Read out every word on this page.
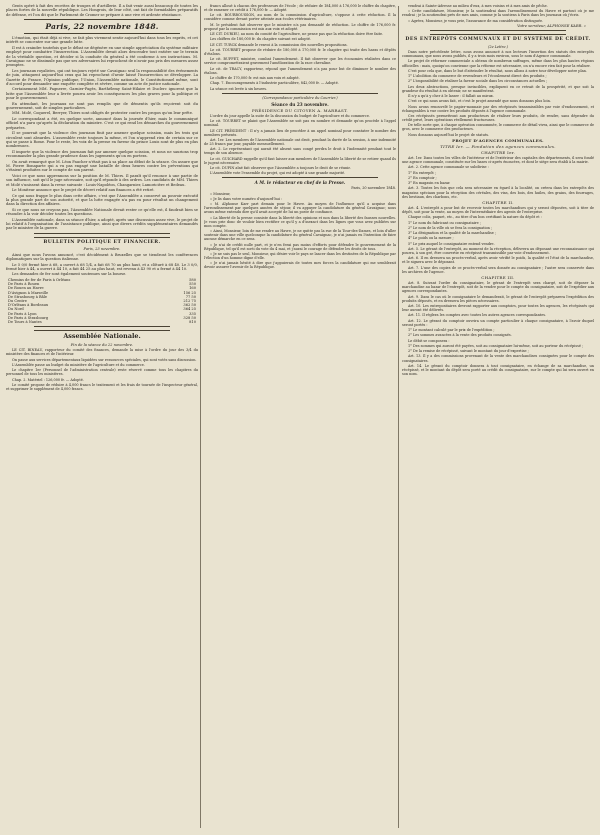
Gents opéré à fait des recettes de troupes et d'artillerie. Il a fait venir aussi beaucoup de toutes les places fortes de la nouvelle république. Les Hongrois, de leur côté, ont fait de formidables préparatifs de défense, et l'on dit que le Parlement de Cromer se prépare à une vive et ardente résistance.

Paris, 22 novembre 1848.

L'émotion, qui était déjà si vive, se fait plus vivement sentir aujourd'hui dans tous les esprits, et cet intérêt se concentre sur une grande lutte.

Il est à craindre toutefois que le débat ne dégénère en une simple appréciation du système militaire employé pour combattre l'insurrection. L'Assemblée devait alors descendre tout entière sur le terrain de la véritable question, et décider si la conduite du général a été conforme à ses instructions. M. Cavaignac ne se dissimule pas que ses adversaires lui reprochent de n'avoir pas pris des mesures assez promptes.

Les journaux royalistes, qui ont toujours rejeté sur Cavaignac seul la responsabilité des événements de juin, attaquent aujourd'hui ceux qui lui reprochent d'avoir laissé l'insurrection se développer. La Gazette de France, l'Opinion publique, l'Union, l'Assemblée nationale, le Constitutionnel même, sont d'accord pour demander une enquête complète et sévère, comme un acte de justice nationale.

Certainement MM. Pagnerre, Garnier-Pagès, Barthélemy Saint-Hilaire et Duclerc ignorent que la lutte que l'Assemblée leur a livrée pourra avoir les conséquences les plus graves pour la politique et pour le gouvernement.

En attendant, les journaux ne sont pas remplis que de démentis qu'ils reçoivent soit du gouvernement, soit de simples particuliers.

MM. Molé, Coquerel, Berryer, Thiers sont obligés de protester contre les propos qu'on leur prête.

Le correspondant a été, en quelque sorte, annoncé dans la journée d'hier, mais le communiqué officiel n'a paru qu'après la déclaration du ministre. C'est ce qui rend les démarches du gouvernement préparées.

Il se pourrait que la violence des journaux finit par amener quelque scission, mais les trois qui circulent sont absurdes. L'assemblée reste toujours la même, et l'on n'apprend rien de certain sur ce qui se passe à Rome. Pour le reste, les voix de la presse en faveur du prince Louis sont de plus en plus nombreuses.

Il importe que la violence des journaux fait par amener quelque scission, et nous ne saurions trop recommander la plus grande prudence dans les jugements qu'on en portera.

On avait remarqué que M. Léon Faucher n'était pas à sa place au début de la séance. On assure que M. Pierre Bonaparte qui a vu pas engagé une bataille de deux heures contre les préventions qui s'étaient produites sur le compte de son parent.

Voici ce que nous apprennons sur la position de M. Thiers. Il paraît qu'il renonce à une partie de son influence, soit qu'il le juge nécessaire, soit qu'il réponde à des ordres. Les candidats de MM. Thiers et Molé s'unissent dans la revue suivante : Louis-Napoléon, Changarnier, Lamoricière et Bedeau.

Le Moniteur annonce que le projet de décret relatif aux finances a été retiré.

Ce qui nous frappe le plus dans cette affaire, c'est que l'Assemblée a conservé au pouvoir exécutif la plus grande part de son autorité, et que la lutte engagée n'a pas eu pour résultat un changement dans la direction des affaires.

Si ce que nous ne croyons pas, l'Assemblée Nationale devait rester ce qu'elle est, il faudrait bien se résoudre à la voir décider toutes les questions.

L'Assemblée nationale, dans sa séance d'hier, a adopté, après une discussion assez vive, le projet de loi relatif à l'organisation de l'assistance publique, ainsi que divers crédits supplémentaires demandés par le ministre de la guerre.

BULLETIN POLITIQUE ET FINANCIER.

Paris, 23 novembre.

Ainsi que nous l'avons annoncé, c'est décidément à Bruxelles que se tiendront les conférences diplomatiques sur la question italienne.

Le 5 0/0 fermé hier à 68, a ouvert à 68 1/4, a fait 68 70 au plus haut, et a clôturé à 68 40. Le 3 0/0, fermé hier à 44, a ouvert à 44 10, a fait 44 25 au plus haut, est revenu à 43 90 et a fermé à 44 10.

Les demandes de fer sont également soutenues sur la bourse.

Chemins de fer de Paris à Orléans	580
De Paris à Rouen	550
De Rouen au Havre	160
D'Avignon à Marseille	156 25
De Strasbourg à Bâle	77 50
Du Centre	212 75
D'Orléans à Bordeaux	362 50
Du Nord	364 25
De Paris à Lyon	335
De Paris à Strasbourg	328 50
De Tours à Nantes	810
Assemblée Nationale.

Fin de la séance du 22 novembre.

LE CIT. BINEAU, rapporteur du comité des finances, demande la mise à l'ordre du jour des 3/4 du ministère des finances et de l'intérieur.

On passe aux services départementaux liquidées sur ressources spéciales, qui sont votés sans discussion.

L'Assemblée passe au budget du ministère de l'agriculture et du commerce.

Le chapitre 1er (Personnel de l'administration centrale) reste réservé comme tous les chapitres du personnel de tous les ministères.

Chap. 2. Matériel : 126,000 fr. — Adopté.

Le comité propose de réduire à 4,000 francs le traitement et les frais de tournée de l'inspecteur général, et supprimer le supplément de 4,000 francs.

francs alloué à chacun des professeurs de l'école ; de réduire de 184,000 à 176,000 le chiffre du chapitre, et de ramener ce crédit à 176,000 fr. — Adopté.

Le cit. BOURBOUSSON, au nom de la commission d'agriculture, s'oppose à cette réduction. Il la considère comme devant porter atteinte aux écoles vétérinaires.

M. le président fait observer que le ministre n'a pas demandé de réduction. Le chiffre de 176,000 fr. proposé par la commission est mis aux voix et adopté.

LE CIT. DURIEU, au nom du comité de l'agriculture, ne pense pas que la réduction doive être faite.

Les chiffres de 180,000 fr. du chapitre suivant est adopté.

LE CIT. TURCK demande le renvoi à la commission des nouvelles propositions.

Le cit. TOURRET propose de réduire de 180,000 à 170,000 fr. le chapitre qui traite des haras et dépôts d'étalons.

Le cit. BUFFET, ministre, combat l'amendement. Il fait observer que les économies réalisées dans ce service compromettraient gravement l'amélioration de la race chevaline.

Le cit. de TRACY, rapporteur, répond que l'amendement n'a pas pour but de diminuer le nombre des étalons.

Le chiffre de 170,000 fr. est mis aux voix et adopté.

Chap. 7. Encouragements à l'industrie particulière, 842,000 fr. — Adopté.

La séance est levée à six heures.

(Correspondance particulière du Courrier.)

Séance du 23 novembre.
PRÉSIDENCE DU CITOYEN A. MARRAST.

L'ordre du jour appelle la suite de la discussion du budget de l'agriculture et du commerce.

Le cit. TOURRET se plaint que l'Assemblée ne soit pas en nombre et demande qu'on procède à l'appel nominal.

LE CIT. PRÉSIDENT : Il n'y a jamais lieu de procéder à un appel nominal pour constater le nombre des membres présents.

Art. 1er. Les membres de l'Assemblée nationale ont droit, pendant la durée de la session, à une indemnité de 25 francs par jour, payable mensuellement.

Art. 2. Le représentant qui aurait été absent sans congé perdra le droit à l'indemnité pendant tout le temps de son absence.

Le cit. GUICHARD rappelle qu'il faut laisser aux membres de l'Assemblée la liberté de se retirer quand ils le jugent nécessaire.

Le cit. DUPIN aîné fait observer que l'Assemblée a toujours le droit de se réunir.

L'Assemblée vote l'ensemble du projet, qui est adopté à une grande majorité.

A M. le rédacteur en chef de la Presse.

Paris, 20 novembre 1848.

« Monsieur,

« Je lis dans votre numéro d'aujourd'hui :

« M. Alphonse Karr part demain pour le Havre. Au moyen de l'influence qu'il a acquise dans l'arrondissement par quelques années de séjour, il va appuyer la candidature du général Cavaignac; nous avons même entendu dire qu'il avait accepté de lui un poste de confiance.

« La liberté de la presse consiste dans la liberté des opinions et non dans la liberté des fausses nouvelles. Je vous prie donc de vouloir bien rectifier ce qu'il y a d'inexact dans les lignes que vous avez publiées sur mon compte.

« Ainsi, Monsieur, loin de me rendre au Havre, je ne quitte pas la rue de la Tour-des-Dames, et loin d'aller soutenir dans une ville quelconque la candidature du général Cavaignac, je n'ai jamais eu l'intention de faire aucune démarche en ce sens.

« Je n'ai de crédit nulle part, et je n'en ferai pas moins d'efforts pour défendre le gouvernement de la République, tel qu'il est sorti du vote du 4 mai, et j'aurai le courage de défendre les droits de tous.

« Je ne suis pas le seul, Monsieur, qui désire voir le pays se lancer dans les destinées de la République par l'élection d'un homme digne d'elle.

« Je n'ai jamais hésité à dire que j'appuierais de toutes mes forces la candidature qui me semblerait devoir assurer l'avenir de la République.

vendrai à Sainte-Adresse au milieu d'eux, à mes voisins et à mes amis de pêche.

« Cette candidature, Monsieur, je la soutiendrai dans l'arrondissement du Havre et partout où je me rendrai ; je la soutiendrai près de mes amis, comme je la soutiens à Paris dans les journaux où j'écris.

« Agréez, Monsieur, je vous prie, l'assurance de ma considération distinguée.

Votre serviteur, ALPHONSE KARR. »
DES ENTREPÔTS COMMUNAUX ET DU SYSTÈME DE CRÉDIT.

(2e Lettre.)

Dans notre précédente lettre, nous avons annoncé à nos lecteurs l'insertion des statuts des entrepôts communaux, que nous avons publiés, il y a trois mois environ, sous le nom d'Agence communale.

Le projet de réformer commerciale a obtenu de nombreux suffrages, même dans les plus hautes régions officielles : mais, quoiqu'on convienne que la réforme est nécessaire, on n'a encore rien fait pour la réaliser.

C'est pour cela que, dans le but d'atteindre le résultat, nous allons à notre tour développer notre plan.

1° L'abolition du commerce de revendeurs et l'écoulement direct des produits ;

2° L'impossibilité de réaliser la faveur sociale dans les circonstances actuelles ;

Les deux abstractions, presque invincibles, expliquent en ce retrait de la prospérité, et que soit la grandeur du résultat à en obtenir, ne se manifestent.

Il n'y a qu'à y cher à le lasser : il fallait au mieux.

C'est ce qui nous avons fait, et c'est le projet amendé que nous donnons plus loin.

Nous avons renouvelé le papier-monnaie par des récépissés transmissibles par voie d'endossement, et échangeables à vue contre les produits déposés à l'agence communale.

Ces récépissés permettront aux producteurs de réaliser leurs produits, de rendre, sans dépendre du crédit privé, leurs opérations réellement fructueuses.

De telle sorte que, à chaque opération consommée, le commerce de détail vivra, ainsi que le commerce de gros, avec le commerce des producteurs.

Nous donnons aujourd'hui le projet de statuts.

PROJET D'AGENCES COMMUNALES.
TITRE Ier. — Fondation des agences communales.
CHAPITRE Ier.

Art. 1er. Dans toutes les villes de l'intérieur et de l'extérieur des capitales des départements, il sera fondé une agence communale, constituée sur les bases ci-après énoncées, et dont le siège sera établi à la mairie.

Art. 2. Cette agence communale se subdivise :

1° En entrepôt ;

2° En comptoir ;

3° En magasin en bazar.

Art. 3. Toutes les fois que cela sera nécessaire en égard à la localité, on créera dans les entrepôts des magasins spéciaux pour la réception des céréales, des vins, des bois, des huiles, des grains, des fourrages, des bestiaux, des charbons, etc.

CHAPITRE II.

Art. 4. L'entrepôt a pour but de recevoir toutes les marchandises qui y seront déposées, soit à titre de dépôt, soit pour la vente, au moyen de l'intermédiaire des agents de l'entreprise.

Chaque colis, paquet, etc., au titre d'un bon certifiant la nature du dépôt et :

1° Le nom du fabricant ou consignataire ;

2° Le nom de la ville où se fera la consignation ;

3° La désignation et la qualité de la marchandise ;

4° Le poids ou la mesure ;

5° Le prix auquel le consignataire entend vendre.

Art. 5. Le gérant de l'entrepôt, au moment de la réception, délivrera au déposant une reconnaissance qui pourra, à son gré, être convertie en récépissé transmissible par voie d'endossement.

Art. 6. Il en dressera un procès-verbal, après avoir vérifié le poids, la qualité et l'état de la marchandise, et le signera avec le déposant.

Art. 7. L'une des copies de ce procès-verbal sera donnée au consignataire ; l'autre sera conservée dans les archives de l'agence.

CHAPITRE III.

Art. 8. Suivant l'ordre du consignataire, le gérant de l'entrepôt sera chargé, soit de déposer la marchandise au bazar de l'entrepôt, soit de la vendre pour le compte du consignataire, soit de l'expédier aux agences correspondantes.

Art. 9. Dans le cas où le consignataire le demanderait, le gérant de l'entrepôt préparera l'expédition des produits déposés, et en dressera les pièces nécessaires.

Art. 10. Les entrepositaires devront rapporter aux comptoirs, pour toutes les agences, les récépissés qui leur auront été délivrés.

Art. 11. Il réglera les comptes avec toutes les autres agences correspondantes.

Art. 12. Le gérant du comptoir ouvrira un compte particulier à chaque consignataire, à l'avoir duquel seront portés :

1° Le montant calculé par le prix de l'expédition ;

2° Les sommes avancées à la vente des produits consignés.

Le débit se composera :

1° Des sommes qui auront été payées, soit au consignataire lui-même, soit au porteur du récépissé ;

2° De la remise de récépissé, suivant le montant du jour d'expertise ;

Art. 13. Il y a des commissions provenant de la vente des marchandises consignées pour le compte des consignataires.

Art. 14. Le gérant du comptoir donnera à tout consignataire, en échange de sa marchandise, un récépissé, et le montant du dépôt sera porté au crédit du consignataire, sur le compte qui lui sera ouvert en son nom.
